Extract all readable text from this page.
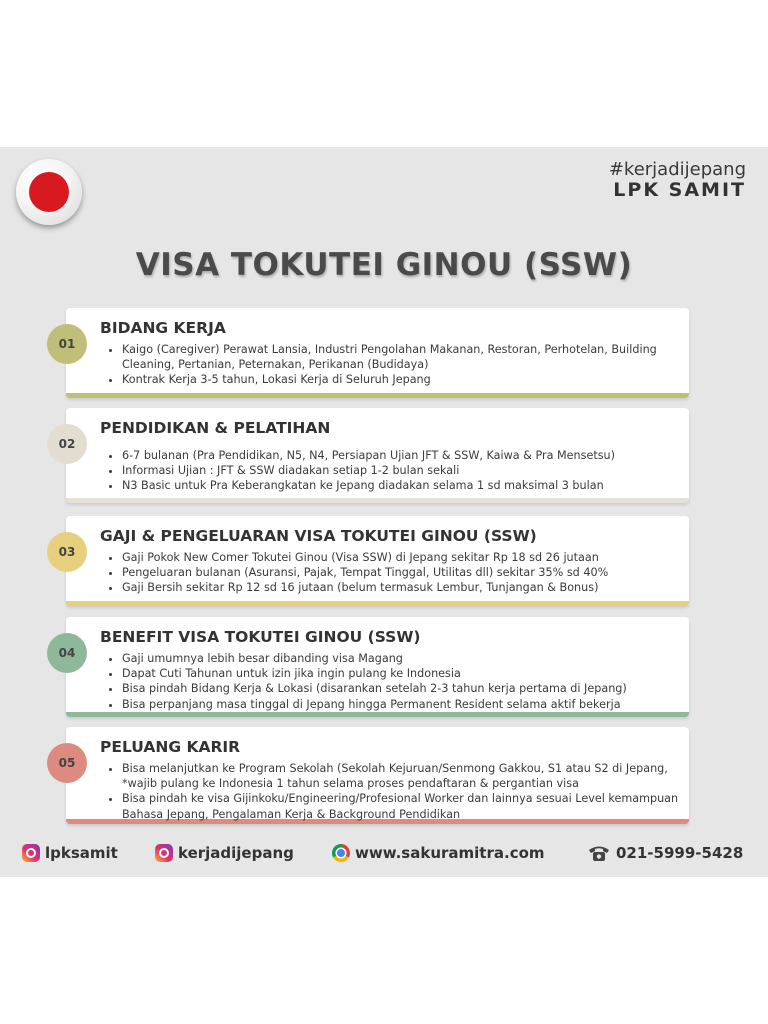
#kerjadijepang
LPK SAMIT
VISA TOKUTEI GINOU (SSW)
01
BIDANG KERJA
• Kaigo (Caregiver) Perawat Lansia, Industri Pengolahan Makanan, Restoran, Perhotelan, Building Cleaning, Pertanian, Peternakan, Perikanan (Budidaya)
• Kontrak Kerja 3-5 tahun, Lokasi Kerja di Seluruh Jepang
02
PENDIDIKAN & PELATIHAN
• 6-7 bulanan (Pra Pendidikan, N5, N4, Persiapan Ujian JFT & SSW, Kaiwa & Pra Mensetsu)
• Informasi Ujian : JFT & SSW diadakan setiap 1-2 bulan sekali
• N3 Basic untuk Pra Keberangkatan ke Jepang diadakan selama 1 sd maksimal 3 bulan
03
GAJI & PENGELUARAN VISA TOKUTEI GINOU (SSW)
• Gaji Pokok New Comer Tokutei Ginou (Visa SSW) di Jepang sekitar Rp 18 sd 26 jutaan
• Pengeluaran bulanan (Asuransi, Pajak, Tempat Tinggal, Utilitas dll) sekitar 35% sd 40%
• Gaji Bersih sekitar Rp 12 sd 16 jutaan (belum termasuk Lembur, Tunjangan & Bonus)
04
BENEFIT VISA TOKUTEI GINOU (SSW)
• Gaji umumnya lebih besar dibanding visa Magang
• Dapat Cuti Tahunan untuk izin jika ingin pulang ke Indonesia
• Bisa pindah Bidang Kerja & Lokasi (disarankan setelah 2-3 tahun kerja pertama di Jepang)
• Bisa perpanjang masa tinggal di Jepang hingga Permanent Resident selama aktif bekerja
05
PELUANG KARIR
• Bisa melanjutkan ke Program Sekolah (Sekolah Kejuruan/Senmong Gakkou, S1 atau S2 di Jepang, *wajib pulang ke Indonesia 1 tahun selama proses pendaftaran & pergantian visa
• Bisa pindah ke visa Gijinkoku/Engineering/Profesional Worker dan lainnya sesuai Level kemampuan Bahasa Jepang, Pengalaman Kerja & Background Pendidikan
lpksamit	kerjadijepang	www.sakuramitra.com	021-5999-5428
